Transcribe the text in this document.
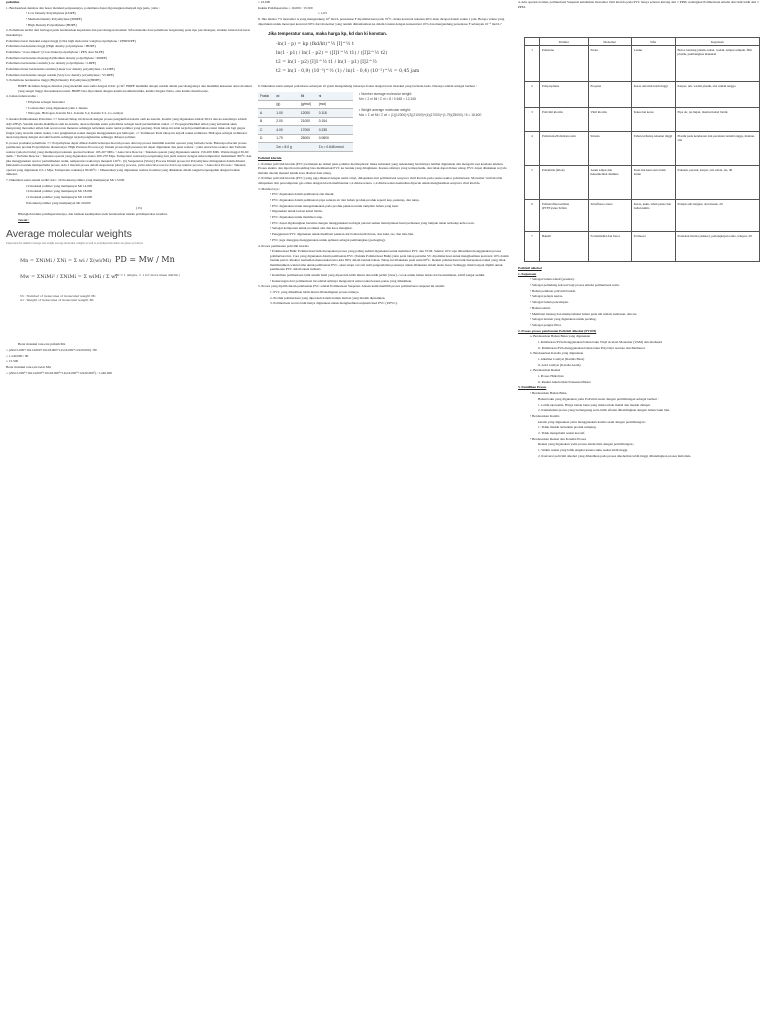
polietilen

1. Berdasarkan densitas dan besar molekul penyusunnya, polietilena dapat digolongkan menjadi tiga jenis, yaitu :

• Low Density Polyethylene (LDPE)

• Medium Density Polyethylene (MDPE)

• High Density Polyethylene (HDPE)

2. Polietilena terdiri dari berbagai jenis berdasarkan kepadatan dan percabangan molekul. Sifat mekanis dari polietilena bergantung pada tipe percabangan, struktur kristal dan berat molekulnya.

Polietilena berat molekul sangat tinggi (Ultra high molecular weight polyethylene / UHMWPE)

Polietilena berdensitas tinggi (High density polyethylene / HDPE)

Polietilena "cross-linked" (Cross linked polyethylene / PEX atau XLPE)

Polietilena berdensitas menengah (Medium density polyethylene / MDPE)

Polietilena berdensitas rendah (Low density polyethylene / LDPE)

Polietilena linier berdensitas rendah (Linear low density polyethylene / LLDPE)

Polietilena berdensitas sangat rendah (Very low density polyethylene / VLDPE)

3. Polietilena berdensitas tinggi (High Density Polyethylene) (HDPE)

HDPE dicirikan dengan densitas yang melebihi atau sama dengan 0,941 g/cm³. HDPE memiliki derajat rendah dalam percabangannya dan memiliki kekuatan antar molekul yang sangat tinggi dan kekuatan tensil. HDPE bisa diproduksi dengan katalis kromium/silika, katalis Ziegler-Natta, atau katalis metallocene.

4. bahan-bahan utama :

• Ethylene sebagai monomer

• Comonomer yang digunakan yaitu 1-butene

• Nitrogen, Hidrogen, Katalis M-1, Katalis S-2, Katalis T-3, Co-catalyst

5. Reaksi Pembentukan Polietilen :>> Inisiasi/Tahap ini diawali dengan proses pengaktifan katalis oleh ko-katalis. Katalis yang digunakan adalah TiCl4 dan ko-katalisnya adalah Al(C2H5)3. Setelah katalis diaktifkan oleh ko-katalis, akan terbentuk suatu polietilena sebagai hasil pertumbuhan rantai. => Propagasi/Radikal etilen yang terbentuk akan menyerang monomer etilen lain secara terus menerus sehingga terbentuk suatu rantai polimer yang panjang. Pada tahap ini telah terjadi pertumbuhan rantai tidak ada lagi gugus fungsi yang tersedia untuk reaksi. Cara penghentian reaksi dengan menggunakan gas hidrogen. => Terminasi: Pada tahap ini terjadi reaksi terminasi. Hidrogen sebagai terminator akan bergabung dengan sisi aktif katalis sehingga terjadi penghentian sehingga didapat polimer.

6. proses produksi polietilena :>> Polyethylene dapat dibuat dalam beberapa macam proses dan tiap proses memiliki kondisi operasi yang berbeda beda. Beberapa macam proses pembuatan produk Polyethylene diantaranya: High Pressure Process (a): Dalam proses high pressure ini dapat digunakan dua jenis reaktor : yaitu Autoclave reaktor dan Turbular reaktor (selected tube) yang mempunyai tekanan operasi berkisar 103-207 MPa. • Autoclave Reactor : Tekanan operasi yang digunakan sekitar 150-200 MPa. Waktu tinggal 30-60 detik. • Turbular Reactor : Tekanan operasi yang digunakan antara 200-270 Mpa. Temperatur reaktornya tergantung dari jenis reaktor dengan suhu temperatur maksimum 300°C dan jika menggunakan reactor pertumbuhan resmi, temperatur reaktornya menjadi 120°C. (b) Suspension (Slurry) Process Dalam proses ini Polyethylene diringankan dalam diluent hidrokarbon untuk memperbaiki proses. Ada 3 macam proses dalam suspension (slurry) process, yaitu autoclave reactor dan loop reaktor process. • Autoclave Process : Tekanan operasi yang digunakan 0,5-1 Mpa. Temperatur reaksinya 80-90°C. : Dikenalkan yang digunakan reaktor Kontinu yang dilakukan dalam tangki berpengaduk dengan bentuk dimensi.

7. Diketahui suatu sistem terdiri dari : 20 molekul polimer yang mempunyai Mr 15.000

10 molekul polimer yang mempunyai Mr 14.000

16 molekul polimer yang mempunyai Mr 18.000

12 molekul polimer yang mempunyai Mr 16.000

8 molekul polimer yang mempunyai Mr 20.000

(15)

Hitunglah indeks polidispersitasnya, dan berikan kesimpulan anda berdasarkan indeks polidispersitas tersebut.

Jawab :

Average molecular weights
Expression for number average and weight average molecular weights as well as polydispersity index are given as follows
Mn = ΣNiMi / ΣNi = Σ wi / Σ(wi/Mi)
Mw = ΣNiMi² / ΣNiMi = Σ wiMi / Σ wi
PD = Mw / Mn
PD = 1 (single, > 1 for more mass distrib.)
Ni : Number of molecules of molecular weight Mi
wi : Weight of molecules of molecular weight Mi

Berat molekul rata-rata jumlah Mn

= (20x15.000+10x14.000+16x18.000+12x16.000+12x20.000) / 80

= 1.240.000 / 80

= 15.500

Berat molekul rata-rata berat Mw

= (20x15.000²+10x14.000²+16x18.000²+14x16.000²+12x20.000²) / 1.240.000

= 16.000

Indeks Polidispersitas = 16.000 / 15.500

= 1,03

8. Jika laktata 7% monomer A yang mengandung 10³ mol/L persentase F dipolimerisasi pada 70°C, maka konversi tekanan 40% akan dicapai dalam waktu 1 jam. Berapa waktu yang diperlukan untuk mencapai konversi 90% dari monomer yang rendah dimanfaatkan ke dalam larutan dengan konsentrasi 10% dan mengandung persentase F sebanyak 10⁻² mol/L?

Jika temperatur sama, maka harga kp, kd dan ki konstan.
-ln(1 - p) = kp (fkd/kt)^½ [I]^½ t
ln(1 - p1) / ln(1 - p2) = ([I]1^½ t1) / ([I]2^½ t2)
t2 = ln(1 - p2) [I]1^½ t1 / ln(1 - p1) [I]2^½
t2 = ln(1 - 0,9) (10⁻³)^½ (1) / ln(1 - 0,4) (10⁻²)^½ = 0,45 jam

9. Diketahui suatu sampel polistirena sebanyak 10 gram mengandung beberapa fraksi dengan berat molekul yang berbeda-beda. Datanya adalah sebagai berikut :

Fraksi	wi	Mi	ni
	(g)	(g/mol)	(mol)
A	1.00	12000	0.118
B	2.00	21000	0.154
C	4.00	17000	0.235
D	1.79	25000	0.0800
	Σw = 8.0 g		Σn = 0.648 mmol
• Number average molecular weight:
Mn = Σ ni Mi / Σ ni = 8 / 0.648 = 12,345
• Weight average molecular weight:
Mw = Σ wi Mi / Σ wi = (1)(12000)+(2)(21000)+(4)(17000)+(1.79)(25000) / 8 = 18,600

Polivinil klorida

1. Polimer polivinil klorida (PVC) termasuk ke dalam jenis polimer thermoplastic maka substansi yang terkandung bersifatnya lembut digunakan dan mengalir saat keadaan lelehan. Proses elektro dan injection moulding bisa membentuk PVC ke bentuk yang diinginkan. Karena sifatnya yang termoplastik, dan tidak dapat didaur ulang. PVC dapat dilakukan recycle melalui daerah manual teknik kota disebut daur ulang.

2. Polimer polivinil klorida (PVC) yang juga dikenal dengan nama vinyl, didapatkan dari polimerisasi senyawa vinil klorida pada suatu reaktor polimerisasi. Monomer vinil klorida didapatkan dari pencampuran gas etilen dengan klorin membentuk 1,2-dikloroetana. 1,2-dikloroetana kemudian dipecah untuk menghasilkan senyawa vinil klorida.

3. Manfaat nya :

• PVC digunakan dalam pembuatan alat musik.

• PVC digunakan dalam pembuatan pipa saluran air dan bahan produk-produk seperti kap, penutup, dan tutup.

• PVC digunakan untuk mengemukakan pada produk pakaian untuk tampilan bahan yang kuat.

• Digunakan untuk isolasi kabel listrik.

• PVC digunakan untuk membuat atap.

• PVC dapat digabungkan bersama dengan menggunakan berbagai pelarut semen menciptakan hasil permanen yang tampak tahan terhadap kebocoran.

• Sebagai komponen untuk produksi alas dan kaos mengikat.

• Penggunaan PVC digunakan untuk membuat pakaian dari bahan kulit tiruan, alas kaki, tas, dan lain-lain.

• PVC juga dianggap menggunakan untuk aplikasi sebagai pembungkus (packaging).

4. Proses pembuatan polivinil klorida

• Polimerisasi Bulk: Polimerisasi bulk merupakan proses yang paling sedikit digunakan untuk membuat PVC dan VCM. Sekitar 10% saja dihasilkan menggunakan proses polimerisasi ini. Cara yang digunakan dalam pembuatan PVC (Teknik Polimerisasi Bulk) yaitu pada tahap pertama VC dipolimerisasi untuk menghasilkan konversi 10% dalam bentuk partai. Reaktor kemudian meneruskan kira-kira 80% dalam bentuk bahan. Tahap ini dilakukan pada suhu 60°C. Reaksi polimerisasi bulk merupakan reaksi yang tidak membutuhkan waktu lama untuk pembuatan PVC, akan tetapi cara ini sulit pengendalian panasnya untuk dilakukan dalam skala besar. Sehingga tidak banyak dipilih untuk pembuatan PVC dalam skala industri.

• Kelebihan polimerisasi bulk adalah hasil yang diperoleh lebih murni dan lebih jernih (clear), cocok untuk bahan bebas dari kontaminasi, aditif sangat sedikit.

• Kekurangan dari polimerisasi ini adalah sulitnya mengontrol suhu reaksi karena panas yang dihasilkan.

5. Proses yang dipilih dalam pembuatan PVC adalah Polimerisasi Suspensi. Alasan kami memilih proses polimerisasi suspensi ini adalah:

1. PVC yang dihasilkan lebih murni dibandingkan proses lainnya.

2. Produk polimerisasi yang diperoleh dalam bentuk butiran yang mudah dipisahkan.

3. Polimerisasi secara bulk hanya digunakan untuk menghasilkan unplasticized PVC (UPVC).

4. Ada operasi normal, polimerisasi Suspensi kebutuhan monomer vinil klorida pada PVC hanya sebesar kurang dari 1 PPM, sedangkan Polimerisasi emulsi dan bulk lebih dari 1 PPM.

	Polimer	Monomer	Sifat	Kegunaan
1	Polietena	Etena	Lentur	Botol, kantong plastik, kabel, wadah, tempat sampah, film plastik, pembungkus makanan
2	Polipropilena	Propena	Keras dan titik leleh tinggi	Karpet, tali, wadah plastik, alat rumah tangga
3	Polivinil klorida	Vinil klorida	Kaku dan keras	Pipa air, jas hujan, insulasi kabel listrik
4	Polistirena/Polistiren resin	Stirena	Tahan terhadap tekanan tinggi	Plastik pada kendaraan dan peralatan rumah tangga, mainan, alat
5	Poliamida (nilon)	Asam adipat dan heksametilen diamina	Kuat dan kuat serta tidak lentur	Pakaian, parasut, karpet, tali, tenda, tas, dll
6	Politetrafluoroetilena (PTFE)/atau Teflon	Tetrafluoro etena	Keras, kaku, tahan panas dan bahan kimia	Pelapis anti lengket, alat masak, dll
7	Bakelit	Formaldehid dan fenol	Termoset	Peralatan listrik (stekker), perlengkapan radio, telepon, dll

Polivinil alkohol

1. Kegunaan

• Sebagai bahan adesif (perekat).

• Sebagai pelindung kolosal bagi proses emulsi polimerisasi resin.

• Bahan pembuat polivinil butiral.

• Sebagai pelapis kertas.

• Sebagai bahan pencelupan.

• Bahan tekstil.

• Membuat benang dan memproduksi bahan pada tali temali, kemasan, dan tas.

• Sebagai larutan yang digunakan untuk packing.

• Sebagai pengisi filter.

2. Proses-proses pembuatan Polivinil Alkohol (PVOH)

a. Berdasarkan Bahan Baku yang digunakan

i. Pembuatan PVA menggunakan bahan baku Vinyl Acetate Monomer (VAM) dan methanol

ii. Pembuatan PVA menggunakan bahan baku Polyvinyl Acetate dan Methanol.

b. Berdasarkan Katalis yang digunakan

i. Alkaline Catalyst (Katalis Basa)

ii. Acid catalyst (Katalis Asam)

c. Berdasarkan Reaksi

i. Proses Hidrolisis

ii. Reaksi Alkoholisis/Transesterifikasi

3. Pemilihan Proses

• Berdasarkan Bahan Baku

Bahan baku yang digunakan yaitu Polivinil asetat dengan pertimbangan sebagai berikut :

1. Lebih ekonomis. Harga bahan baku yang tidak terlalu mahal dan mudah didapat.

2. Kemudahan proses yang berlangsung serta lebih efisien dibandingkan dengan bahan baku lain.

• Berdasarkan Katalis

katalis yang digunakan yaitu menggunakan katalis asam dengan pertimbangan :

1. Tidak mudah terbentuk produk samping.

2. Tidak mengalami reaksi korosif.

• Berdasarkan Reaksi dan Kondisi Proses

Reaksi yang digunakan yaitu proses alkoholisis dengan pertimbangan :

1. Waktu reaksi yang lebih singkat karena suhu reaksi lebih tinggi.

2. Konversi polivinil alkohol yang dihasilkan pada proses alkoholisis lebih tinggi dibandingkan proses hidrolisis.
